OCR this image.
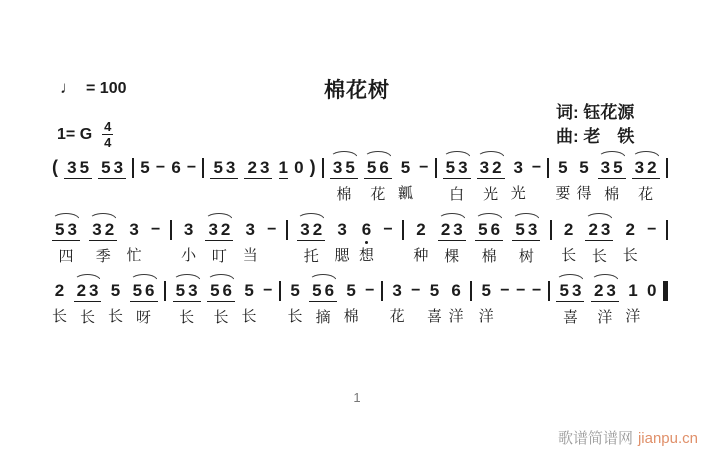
♩ = 100	棉花树
词: 钰花源
曲: 老　铁
1= G $\frac{4}{4}$
( 35 53 5 − 6 − 53 23 1 0 ) 35
棉
56
花
5
瓤
− 53
白
32
光
3
光
− 5
要
5
得
35
棉
32
花
53
四
32
季
3
忙
− 3
小
32
叮
3
当
− 32
托
3
腮
6
想
− 2
种
23
棵
56
棉
53
树
2
长
23
长
2
长
−
2
长
23
长
5
长
56
呀
53
长
56
长
5
长
− 5
长
56
摘
5
棉
− 3
花
− 5
喜
6
洋
5
洋
− − − 53
喜
23
洋
1
洋
0
1
歌谱简谱网 jianpu.cn
